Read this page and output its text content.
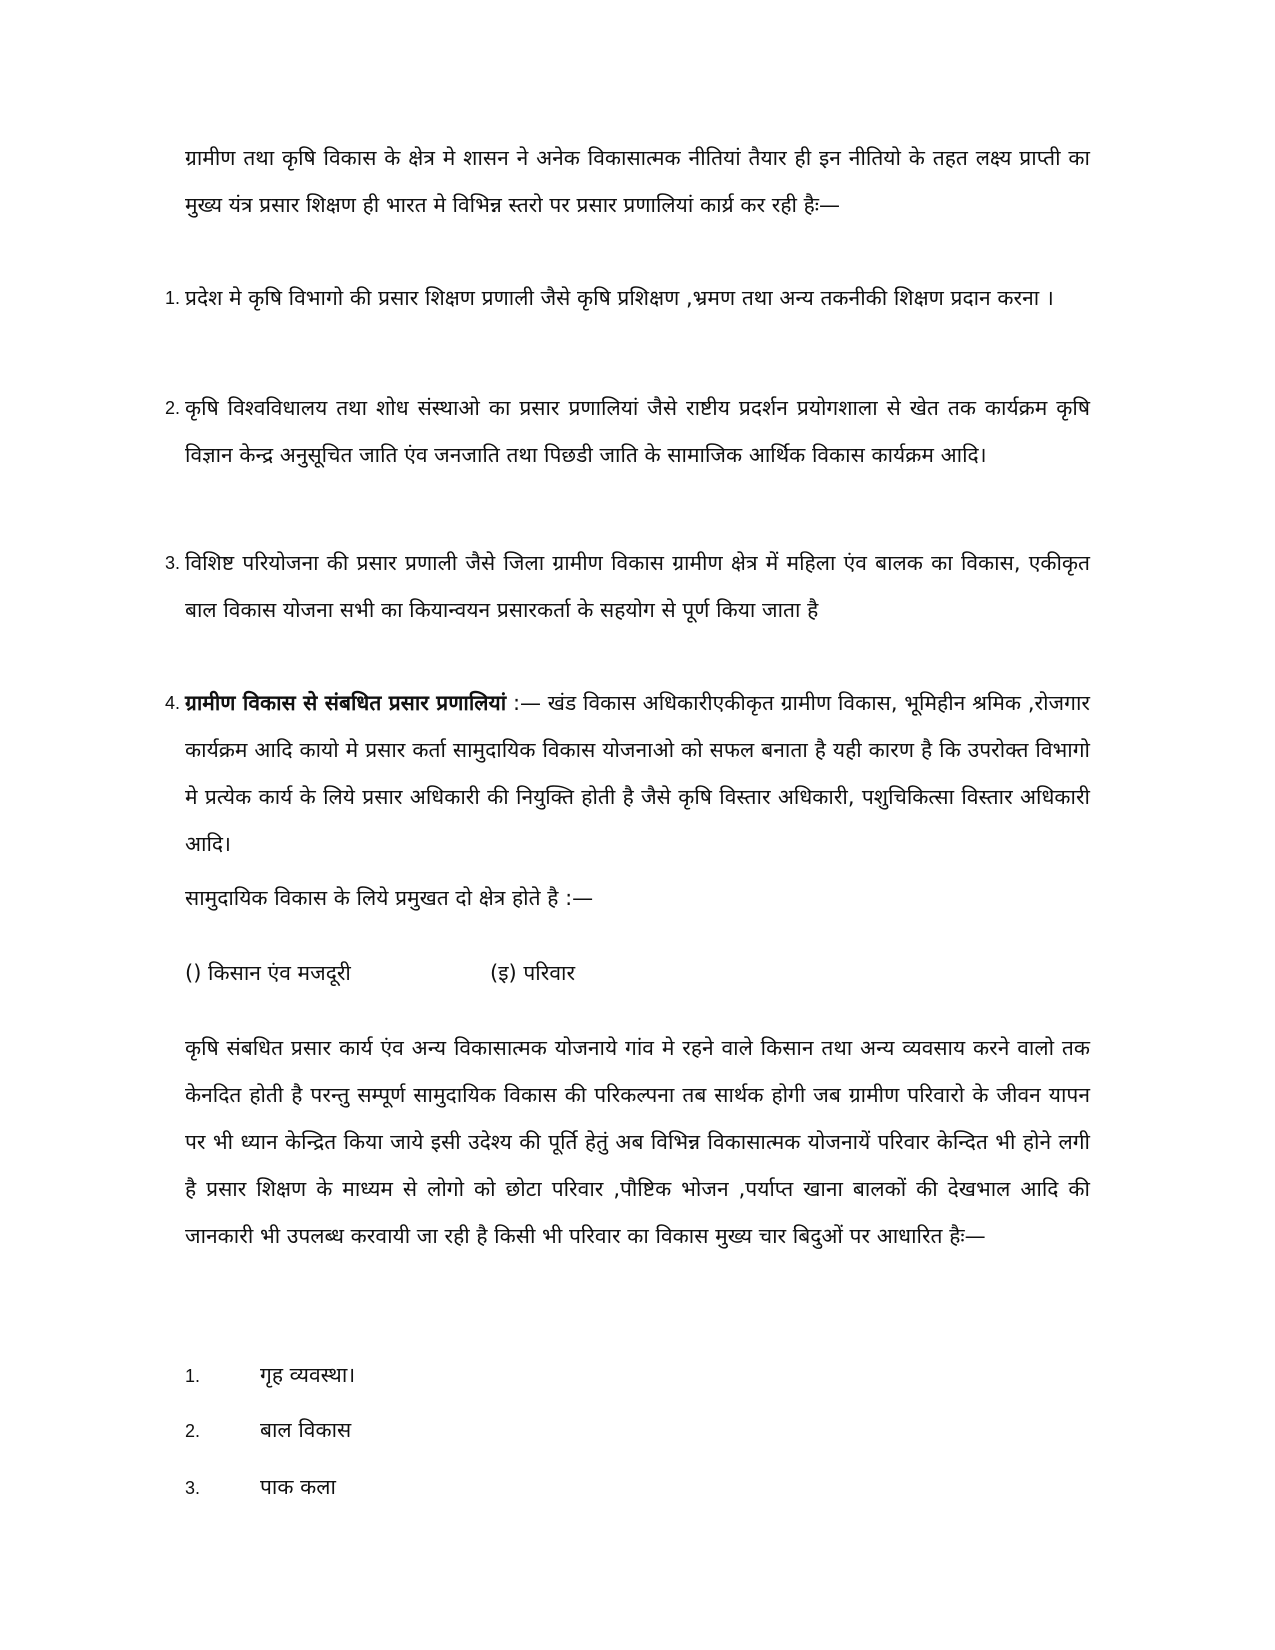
ग्रामीण तथा कृषि विकास के क्षेत्र मे शासन ने अनेक विकासात्मक नीतियां तैयार ही इन नीतियो के तहत लक्ष्य प्राप्ती का मुख्य यंत्र प्रसार शिक्षण ही भारत मे विभिन्न स्तरो पर प्रसार प्रणालियां कार्य्र कर रही हैः—

1. प्रदेश मे कृषि विभागो की प्रसार शिक्षण प्रणाली जैसे कृषि प्रशिक्षण ,भ्रमण तथा अन्य तकनीकी शिक्षण प्रदान करना ।
2. कृषि विश्वविधालय तथा शोध संस्थाओ का प्रसार प्रणालियां जैसे राष्टीय प्रदर्शन प्रयोगशाला से खेत तक कार्यक्रम कृषि विज्ञान केन्द्र अनुसूचित जाति एंव जनजाति तथा पिछडी जाति के सामाजिक आर्थिक विकास कार्यक्रम आदि।
3. विशिष्ट परियोजना की प्रसार प्रणाली जैसे जिला ग्रामीण विकास ग्रामीण क्षेत्र में महिला एंव बालक का विकास, एकीकृत बाल विकास योजना सभी का कियान्वयन प्रसारकर्ता के सहयोग से पूर्ण किया जाता है
4. ग्रामीण विकास से संबधित प्रसार प्रणालियां :— खंड विकास अधिकारीएकीकृत ग्रामीण विकास, भूमिहीन श्रमिक ,रोजगार कार्यक्रम आदि कायो मे प्रसार कर्ता सामुदायिक विकास योजनाओ को सफल बनाता है यही कारण है कि उपरोक्त विभागो मे प्रत्येक कार्य के लिये प्रसार अधिकारी की नियुक्ति होती है जैसे कृषि विस्तार अधिकारी, पशुचिकित्सा विस्तार अधिकारी आदि।

सामुदायिक विकास के लिये प्रमुखत दो क्षेत्र होते है :—

() किसान एंव मजदूरी	(इ) परिवार

कृषि संबधित प्रसार कार्य एंव अन्य विकासात्मक योजनाये गांव मे रहने वाले किसान तथा अन्य व्यवसाय करने वालो तक केनदित होती है परन्तु सम्पूर्ण सामुदायिक विकास की परिकल्पना तब सार्थक होगी जब ग्रामीण परिवारो के जीवन यापन पर भी ध्यान केन्द्रित किया जाये इसी उदेश्य की पूर्ति हेतुं अब विभिन्न विकासात्मक योजनायें परिवार केन्दित भी होने लगी है प्रसार शिक्षण के माध्यम से लोगो को छोटा परिवार ,पौष्टिक भोजन ,पर्याप्त खाना बालकों की देखभाल आदि की जानकारी भी उपलब्ध करवायी जा रही है किसी भी परिवार का विकास मुख्य चार बिदुओं पर आधारित हैः—

1.	गृह व्यवस्था।
2.	बाल विकास
3.	पाक कला
